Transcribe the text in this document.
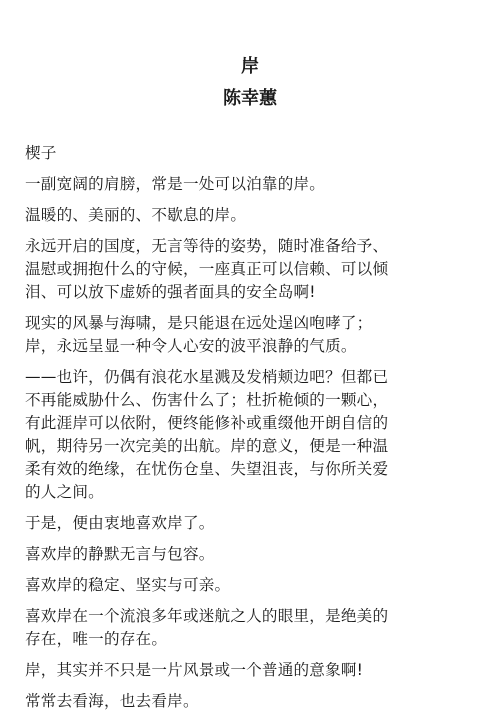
岸
陈幸蕙

楔子

一副宽阔的肩膀，常是一处可以泊靠的岸。

温暖的、美丽的、不歇息的岸。

永远开启的国度，无言等待的姿势，随时准备给予、
温慰或拥抱什么的守候，一座真正可以信赖、可以倾
泪、可以放下虚娇的强者面具的安全岛啊!

现实的风暴与海啸，是只能退在远处逞凶咆哮了；
岸，永远呈显一种令人心安的波平浪静的气质。

——也许，仍偶有浪花水星溅及发梢颊边吧？但都已
不再能威胁什么、伤害什么了；杜折桅倾的一颗心，
有此涯岸可以依附，便终能修补或重缀他开朗自信的
帆，期待另一次完美的出航。岸的意义，便是一种温
柔有效的绝缘，在忧伤仓皇、失望沮丧，与你所关爱
的人之间。

于是，便由衷地喜欢岸了。

喜欢岸的静默无言与包容。

喜欢岸的稳定、坚实与可亲。

喜欢岸在一个流浪多年或迷航之人的眼里，是绝美的
存在，唯一的存在。

岸，其实并不只是一片风景或一个普通的意象啊!

常常去看海，也去看岸。
